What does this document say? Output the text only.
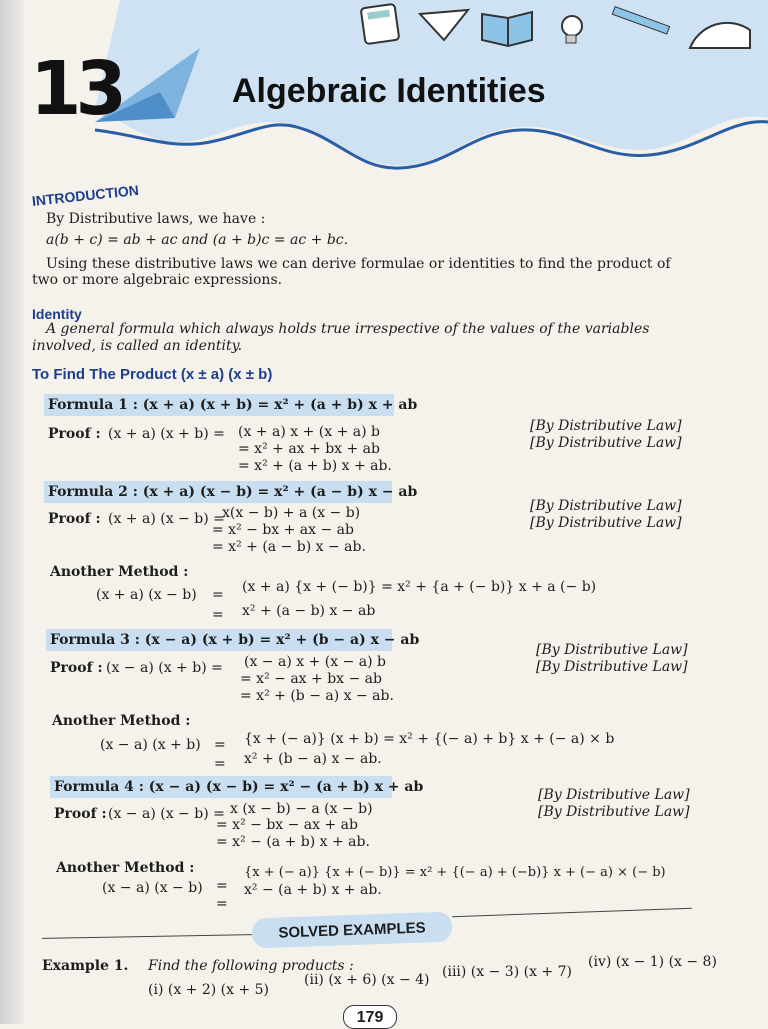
13	Algebraic Identities
INTRODUCTION
By Distributive laws, we have :
a(b + c) = ab + ac and (a + b)c = ac + bc.
Using these distributive laws we can derive formulae or identities to find the product of
two or more algebraic expressions.
Identity
A general formula which always holds true irrespective of the values of the variables
involved, is called an identity.
To Find The Product (x ± a) (x ± b)
Formula 1 : (x + a) (x + b) = x² + (a + b) x + ab
Proof : (x + a) (x + b) = (x + a) x + (x + a) b
= x² + ax + bx + ab
= x² + (a + b) x + ab.
[By Distributive Law]
[By Distributive Law]
Formula 2 : (x + a) (x − b) = x² + (a − b) x − ab
Proof : (x + a) (x − b) =
x(x − b) + a (x − b)
= x² − bx + ax − ab
= x² + (a − b) x − ab.
[By Distributive Law]
[By Distributive Law]
Another Method :
(x + a) (x − b) = (x + a) {x + (− b)} = x² + {a + (− b)} x + a (− b)
= x² + (a − b) x − ab
Formula 3 : (x − a) (x + b) = x² + (b − a) x − ab
Proof : (x − a) (x + b) = (x − a) x + (x − a) b
= x² − ax + bx − ab
= x² + (b − a) x − ab.
[By Distributive Law]
[By Distributive Law]
Another Method :
(x − a) (x + b) = {x + (− a)} (x + b) = x² + {(− a) + b} x + (− a) × b
= x² + (b − a) x − ab.
Formula 4 : (x − a) (x − b) = x² − (a + b) x + ab
Proof : (x − a) (x − b) = x (x − b) − a (x − b)
= x² − bx − ax + ab
= x² − (a + b) x + ab.
[By Distributive Law]
[By Distributive Law]
Another Method :
(x − a) (x − b) =
{x + (− a)} {x + (− b)} = x² + {(− a) + (−b)} x + (− a) × (− b)
=
x² − (a + b) x + ab.
SOLVED EXAMPLES
Example 1. Find the following products :
(i) (x + 2) (x + 5)
(ii) (x + 6) (x − 4) (iii) (x − 3) (x + 7)
(iv) (x − 1) (x − 8)
179
